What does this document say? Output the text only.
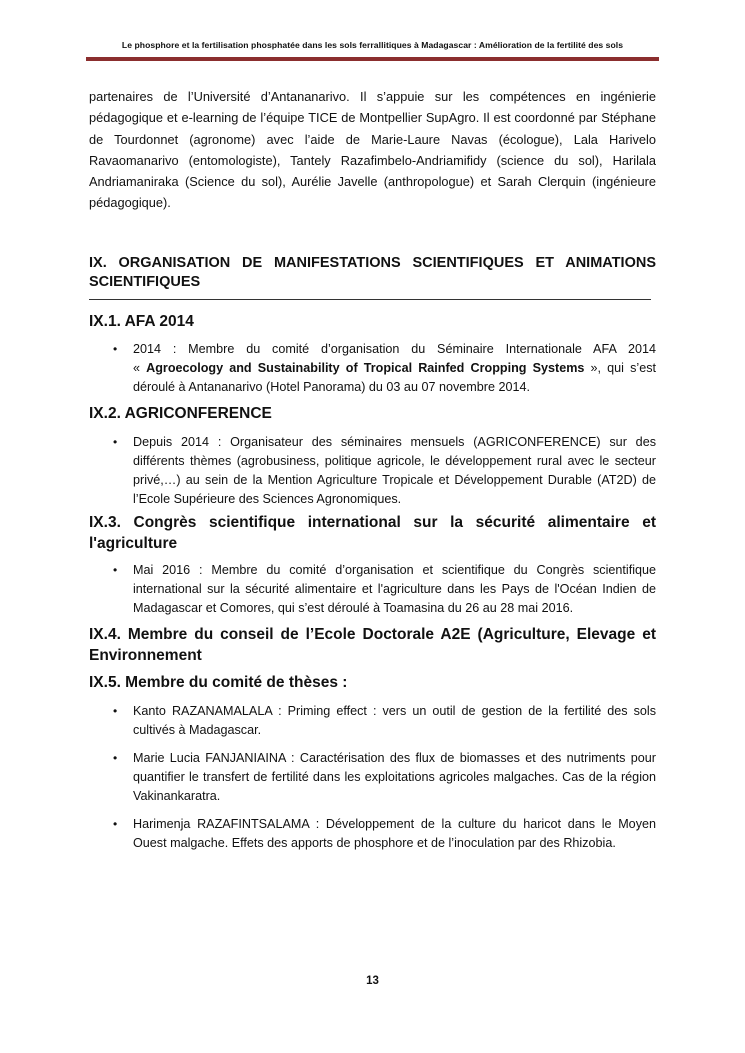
Le phosphore et la fertilisation phosphatée dans les sols ferrallitiques à Madagascar : Amélioration de la fertilité des sols

partenaires de l’Université d’Antananarivo. Il s’appuie sur les compétences en ingénierie pédagogique et e-learning de l’équipe TICE de Montpellier SupAgro. Il est coordonné par Stéphane de Tourdonnet (agronome) avec l’aide de Marie-Laure Navas (écologue), Lala Harivelo Ravaomanarivo (entomologiste), Tantely Razafimbelo-Andriamifidy (science du sol), Harilala Andriamaniraka (Science du sol), Aurélie Javelle (anthropologue) et Sarah Clerquin (ingénieure pédagogique).

IX. ORGANISATION DE MANIFESTATIONS SCIENTIFIQUES ET ANIMATIONS SCIENTIFIQUES
IX.1. AFA 2014
• 2014 : Membre du comité d’organisation du Séminaire Internationale AFA 2014 « Agroecology and Sustainability of Tropical Rainfed Cropping Systems », qui s’est déroulé à Antananarivo (Hotel Panorama) du 03 au 07 novembre 2014.
IX.2. AGRICONFERENCE
• Depuis 2014 : Organisateur des séminaires mensuels (AGRICONFERENCE) sur des différents thèmes (agrobusiness, politique agricole, le développement rural avec le secteur privé,…) au sein de la Mention Agriculture Tropicale et Développement Durable (AT2D) de l’Ecole Supérieure des Sciences Agronomiques.
IX.3. Congrès scientifique international sur la sécurité alimentaire et l'agriculture
• Mai 2016 : Membre du comité d’organisation et scientifique du Congrès scientifique international sur la sécurité alimentaire et l'agriculture dans les Pays de l'Océan Indien de Madagascar et Comores, qui s’est déroulé à Toamasina du 26 au 28 mai 2016.
IX.4. Membre du conseil de l’Ecole Doctorale A2E (Agriculture, Elevage et Environnement
IX.5. Membre du comité de thèses :
• Kanto RAZANAMALALA : Priming effect : vers un outil de gestion de la fertilité des sols cultivés à Madagascar.
• Marie Lucia FANJANIAINA : Caractérisation des flux de biomasses et des nutriments pour quantifier le transfert de fertilité dans les exploitations agricoles malgaches. Cas de la région Vakinankaratra.
• Harimenja RAZAFINTSALAMA : Développement de la culture du haricot dans le Moyen Ouest malgache. Effets des apports de phosphore et de l’inoculation par des Rhizobia.
13
